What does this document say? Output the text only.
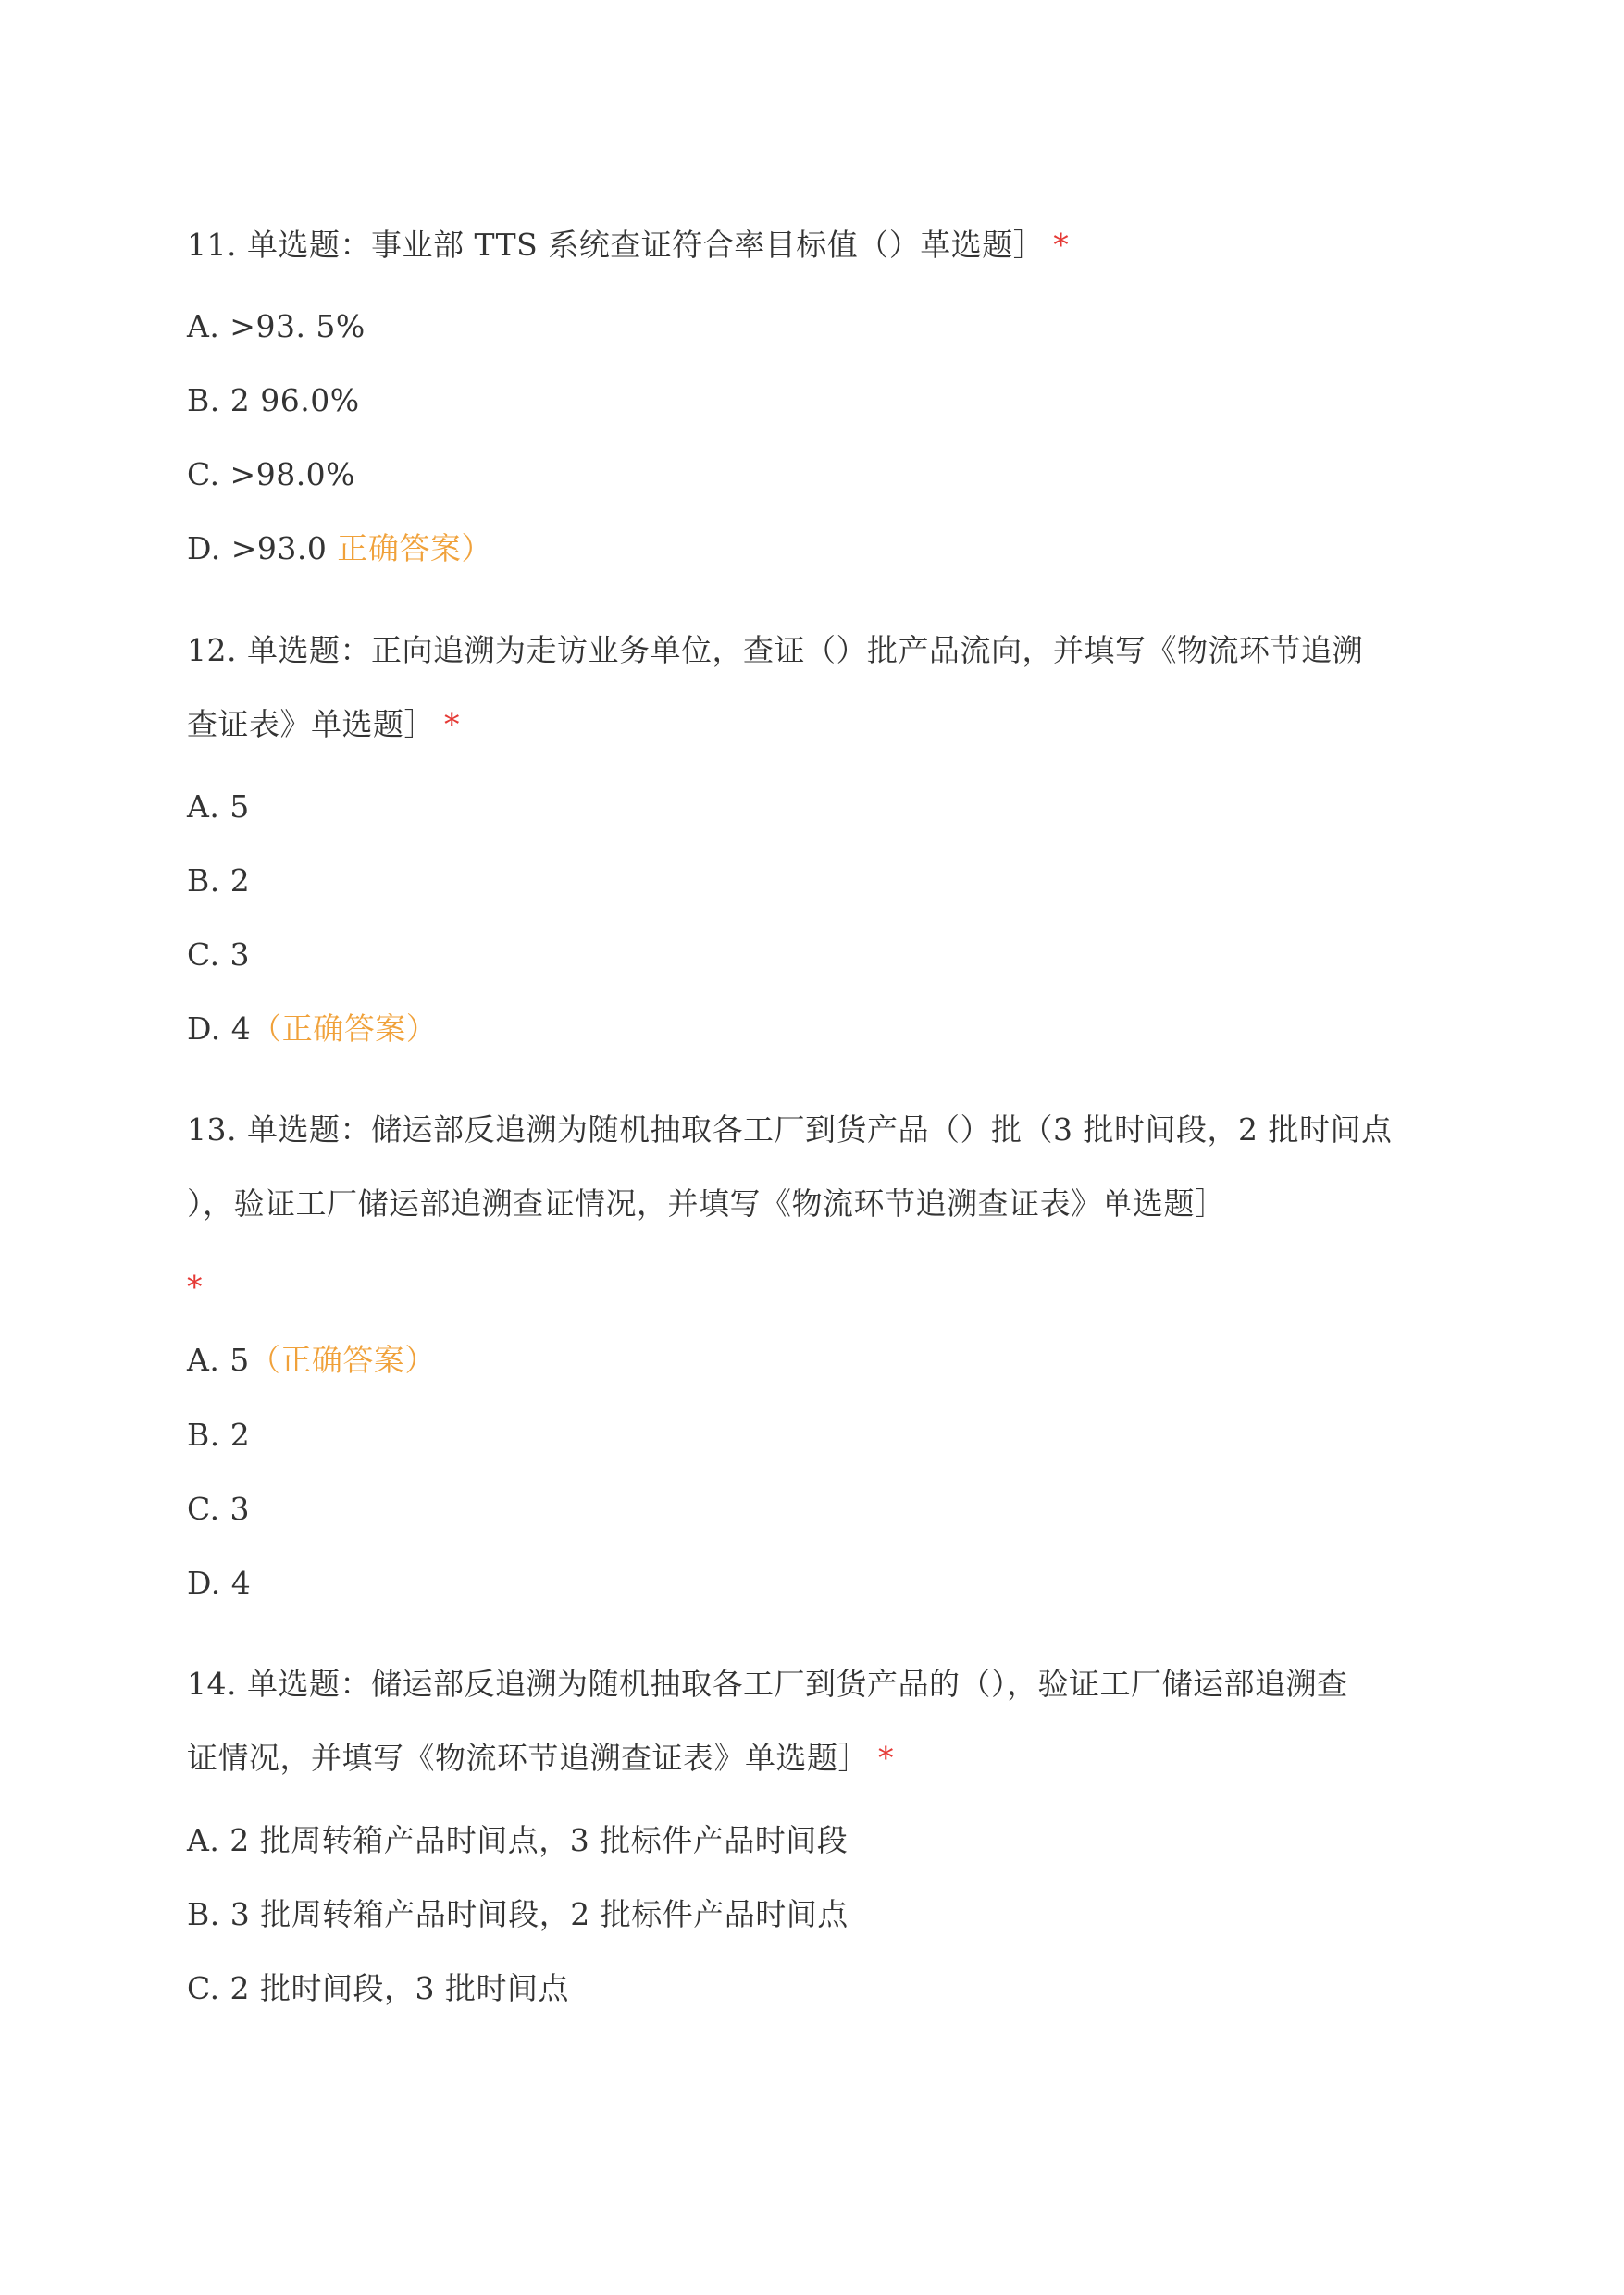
11. 单选题：事业部 TTS 系统查证符合率目标值（）革选题］ *
A. >93. 5%
B. 2 96.0%
C. >98.0%
D. >93.0 正确答案）
12. 单选题：正向追溯为走访业务单位，查证（）批产品流向，并填写《物流环节追溯
查证表》单选题］ *
A. 5
B. 2
C. 3
D. 4（正确答案）
13. 单选题：储运部反追溯为随机抽取各工厂到货产品（）批（3 批时间段，2 批时间点
），验证工厂储运部追溯查证情况，并填写《物流环节追溯查证表》单选题］
*
A. 5（正确答案）
B. 2
C. 3
D. 4
14. 单选题：储运部反追溯为随机抽取各工厂到货产品的（），验证工厂储运部追溯查
证情况，并填写《物流环节追溯查证表》单选题］ *
A. 2 批周转箱产品时间点，3 批标件产品时间段
B. 3 批周转箱产品时间段，2 批标件产品时间点
C. 2 批时间段，3 批时间点
